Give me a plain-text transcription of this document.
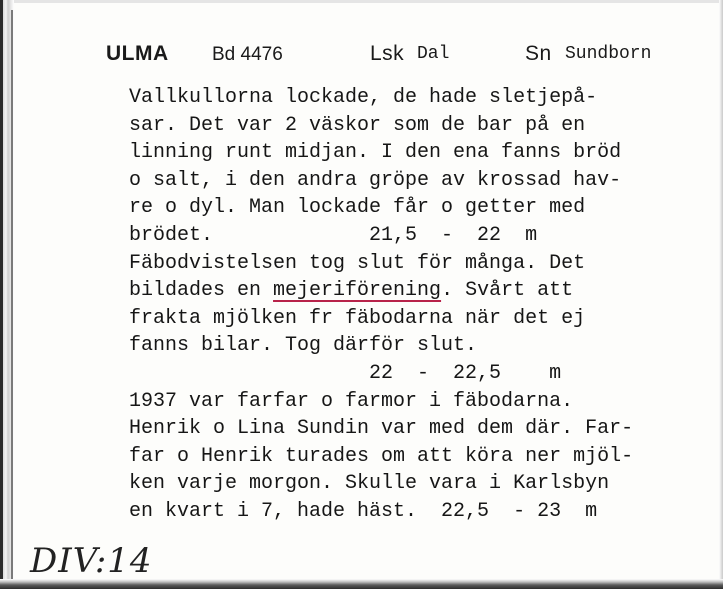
ULMA Bd 4476	Lsk Dal	Sn Sundborn
Vallkullorna lockade, de hade sletjepå-
sar. Det var 2 väskor som de bar på en
linning runt midjan. I den ena fanns bröd
o salt, i den andra gröpe av krossad hav-
re o dyl. Man lockade får o getter med
brödet.             21,5  -  22  m
Fäbodvistelsen tog slut för många. Det
bildades en mejeriförening. Svårt att
frakta mjölken fr fäbodarna när det ej
fanns bilar. Tog därför slut.
22  -  22,5    m
1937 var farfar o farmor i fäbodarna.
Henrik o Lina Sundin var med dem där. Far-
far o Henrik turades om att köra ner mjöl-
ken varje morgon. Skulle vara i Karlsbyn
en kvart i 7, hade häst.  22,5  - 23  m
DIV:14
